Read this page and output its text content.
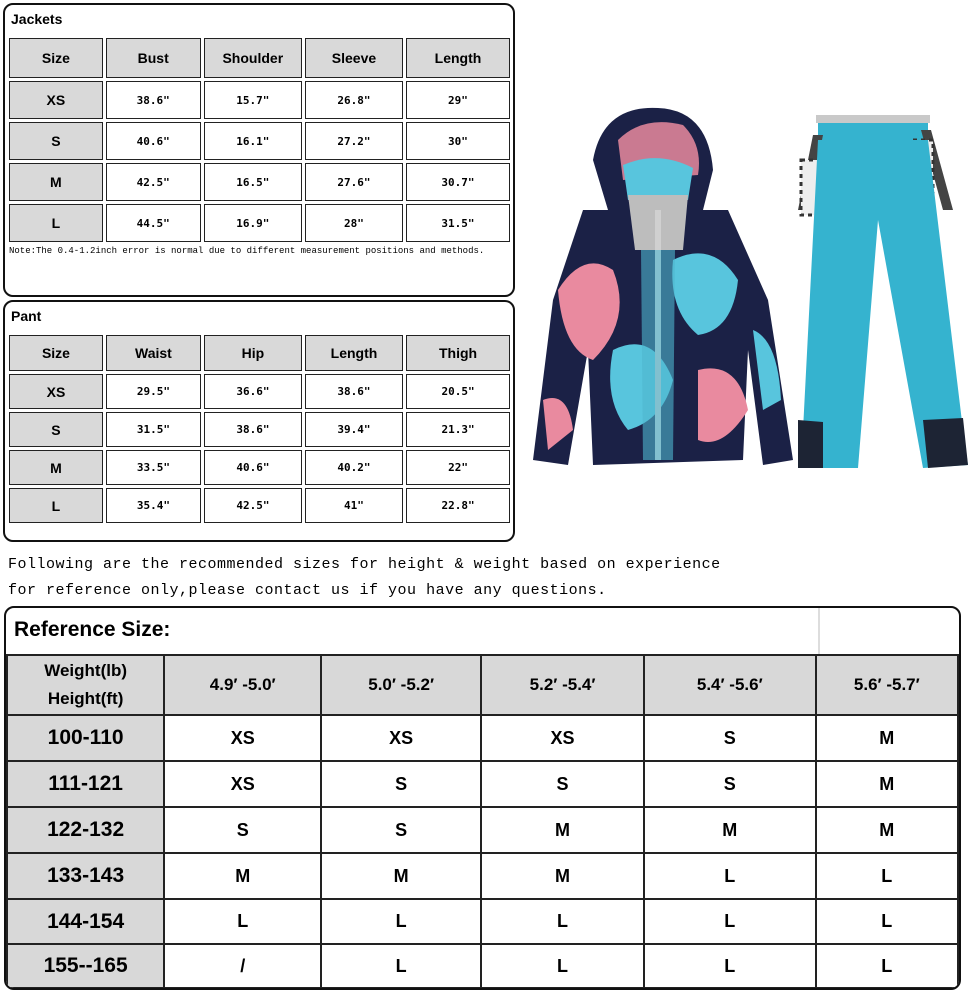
Jackets
Size	Bust	Shoulder	Sleeve	Length
XS	38.6"	15.7"	26.8"	29"
S	40.6"	16.1"	27.2"	30"
M	42.5"	16.5"	27.6"	30.7"
L	44.5"	16.9"	28"	31.5"
Note:The 0.4-1.2inch error is normal due to different measurement positions and methods.
Pant
Size	Waist	Hip	Length	Thigh
XS	29.5"	36.6"	38.6"	20.5"
S	31.5"	38.6"	39.4"	21.3"
M	33.5"	40.6"	40.2"	22"
L	35.4"	42.5"	41"	22.8"
Following are the recommended sizes for height & weight based on experience
for reference only,please contact us if you have any questions.
Reference Size:
Weight(lb)
Height(ft)	4.9′ -5.0′	5.0′ -5.2′	5.2′ -5.4′	5.4′ -5.6′	5.6′ -5.7′
100-110	XS	XS	XS	S	M
111-121	XS	S	S	S	M
122-132	S	S	M	M	M
133-143	M	M	M	L	L
144-154	L	L	L	L	L
155--165	/	L	L	L	L
